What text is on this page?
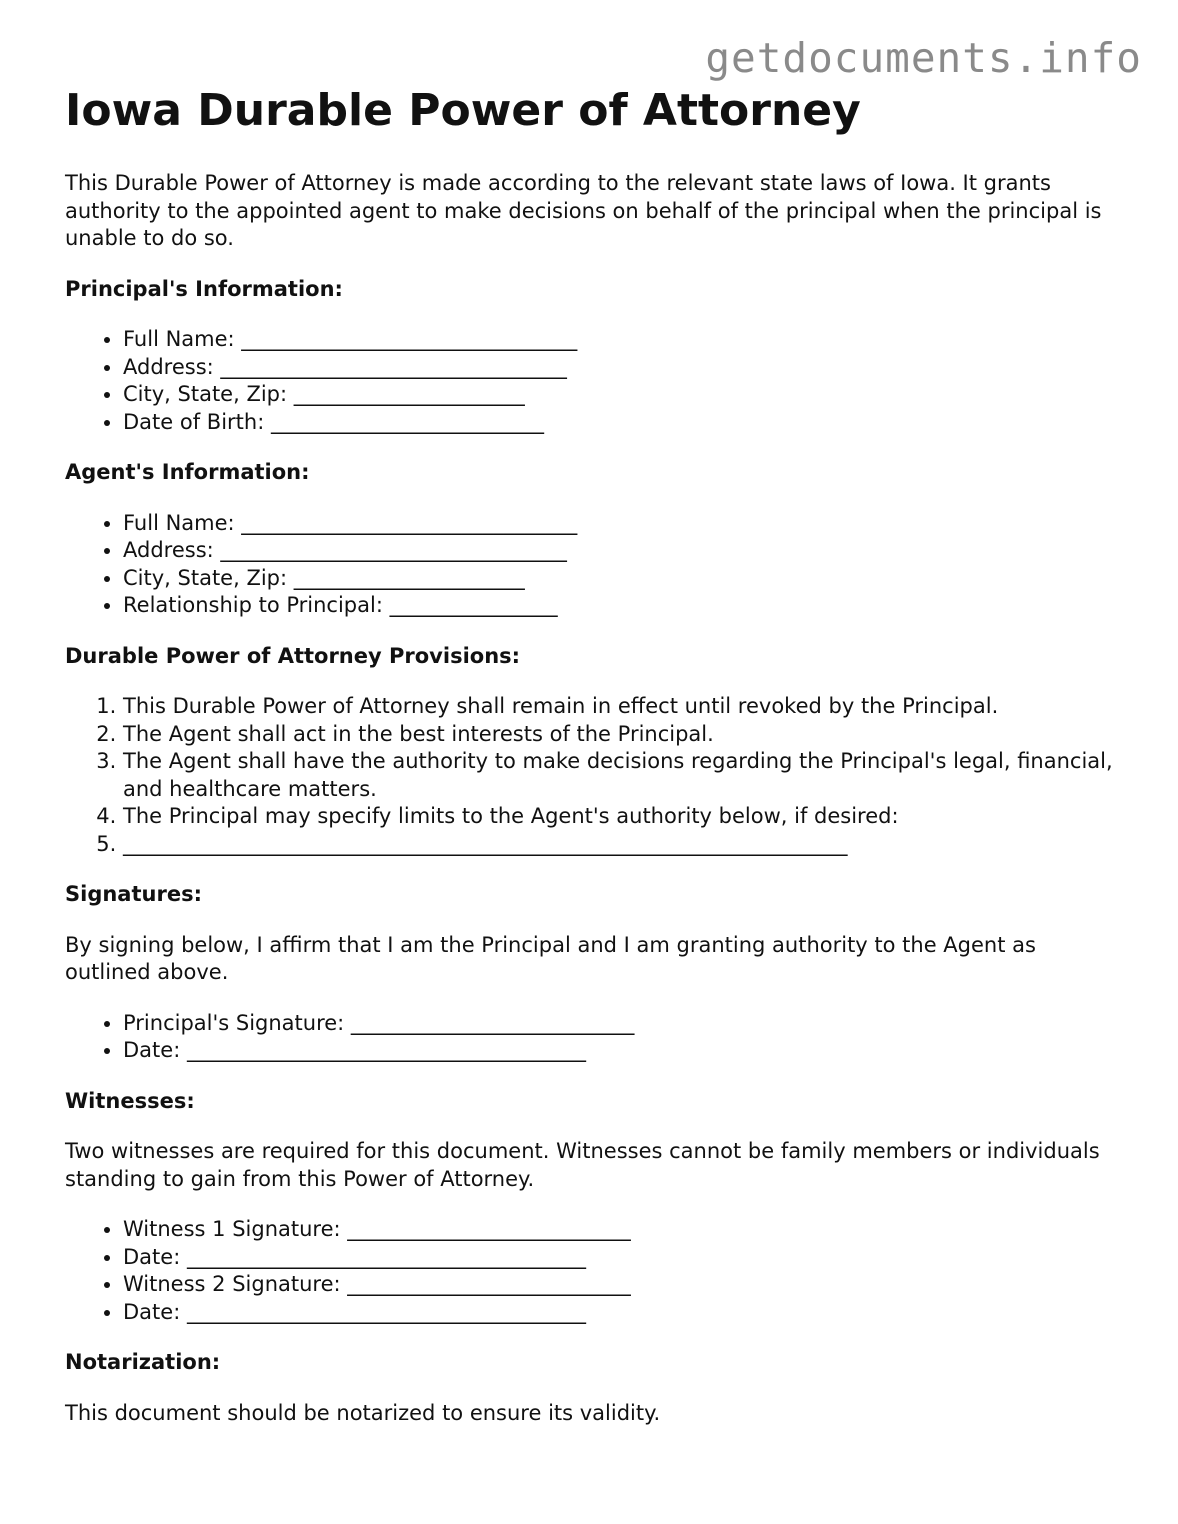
getdocuments.info
Iowa Durable Power of Attorney

This Durable Power of Attorney is made according to the relevant state laws of Iowa. It grants authority to the appointed agent to make decisions on behalf of the principal when the principal is unable to do so.

Principal's Information:
• Full Name: ________________________________
• Address: _________________________________
• City, State, Zip: ______________________
• Date of Birth: __________________________
Agent's Information:
• Full Name: ________________________________
• Address: _________________________________
• City, State, Zip: ______________________
• Relationship to Principal: ________________
Durable Power of Attorney Provisions:
1. This Durable Power of Attorney shall remain in effect until revoked by the Principal.
2. The Agent shall act in the best interests of the Principal.
3. The Agent shall have the authority to make decisions regarding the Principal's legal, financial, and healthcare matters.
4. The Principal may specify limits to the Agent's authority below, if desired:
5. _____________________________________________________________________
Signatures:

By signing below, I affirm that I am the Principal and I am granting authority to the Agent as outlined above.

• Principal's Signature: ___________________________
• Date: ______________________________________
Witnesses:

Two witnesses are required for this document. Witnesses cannot be family members or individuals standing to gain from this Power of Attorney.

• Witness 1 Signature: ___________________________
• Date: ______________________________________
• Witness 2 Signature: ___________________________
• Date: ______________________________________
Notarization:

This document should be notarized to ensure its validity.
